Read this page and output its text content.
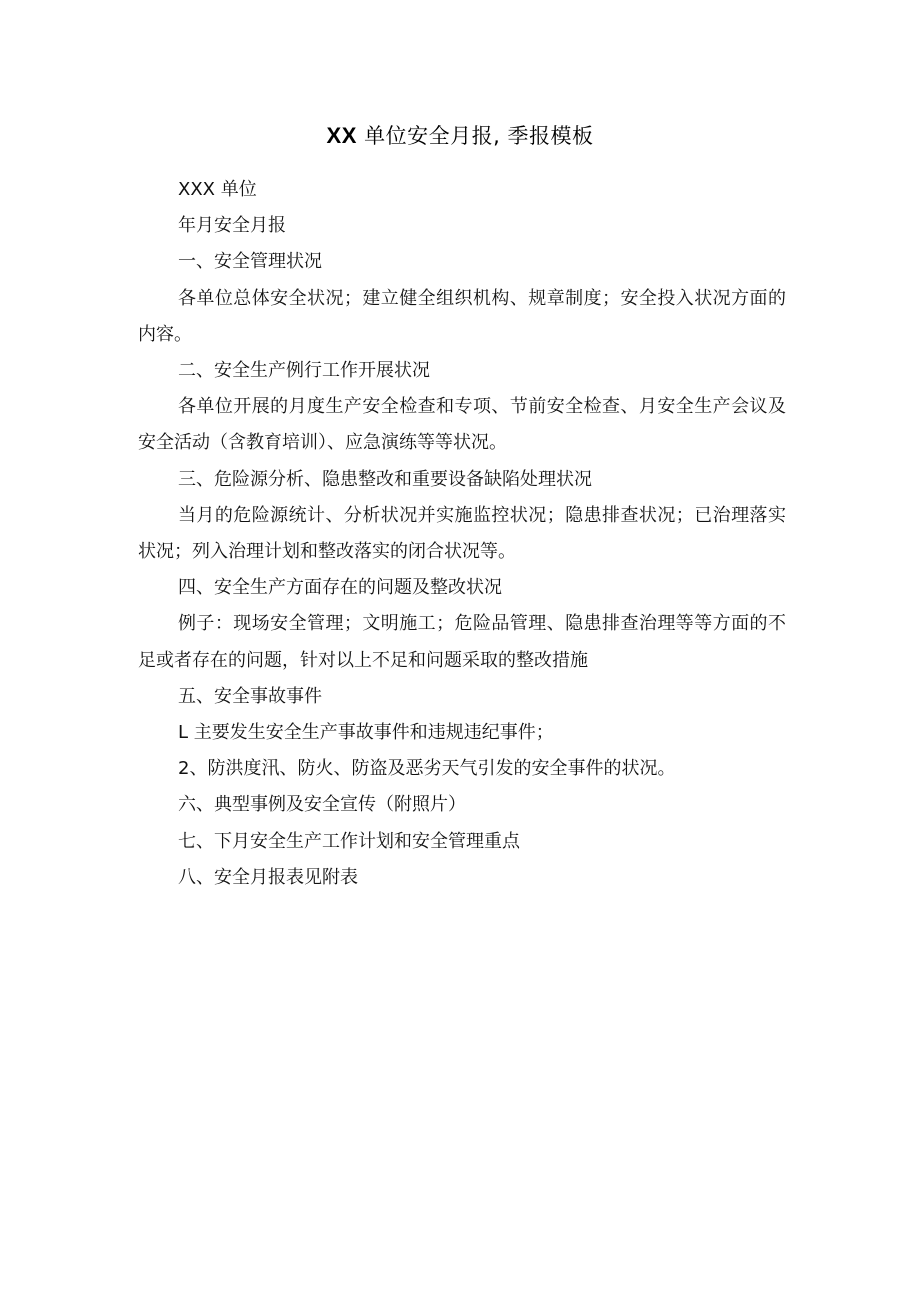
XX 单位安全月报, 季报模板

XXX 单位

年月安全月报

一、安全管理状况

各单位总体安全状况；建立健全组织机构、规章制度；安全投入状况方面的内容。

二、安全生产例行工作开展状况

各单位开展的月度生产安全检查和专项、节前安全检查、月安全生产会议及安全活动（含教育培训）、应急演练等等状况。

三、危险源分析、隐患整改和重要设备缺陷处理状况

当月的危险源统计、分析状况并实施监控状况；隐患排查状况；已治理落实状况；列入治理计划和整改落实的闭合状况等。

四、安全生产方面存在的问题及整改状况

例子：现场安全管理；文明施工；危险品管理、隐患排查治理等等方面的不足或者存在的问题，针对以上不足和问题采取的整改措施

五、安全事故事件

L 主要发生安全生产事故事件和违规违纪事件；

2、防洪度汛、防火、防盗及恶劣天气引发的安全事件的状况。

六、典型事例及安全宣传（附照片）

七、下月安全生产工作计划和安全管理重点

八、安全月报表见附表
